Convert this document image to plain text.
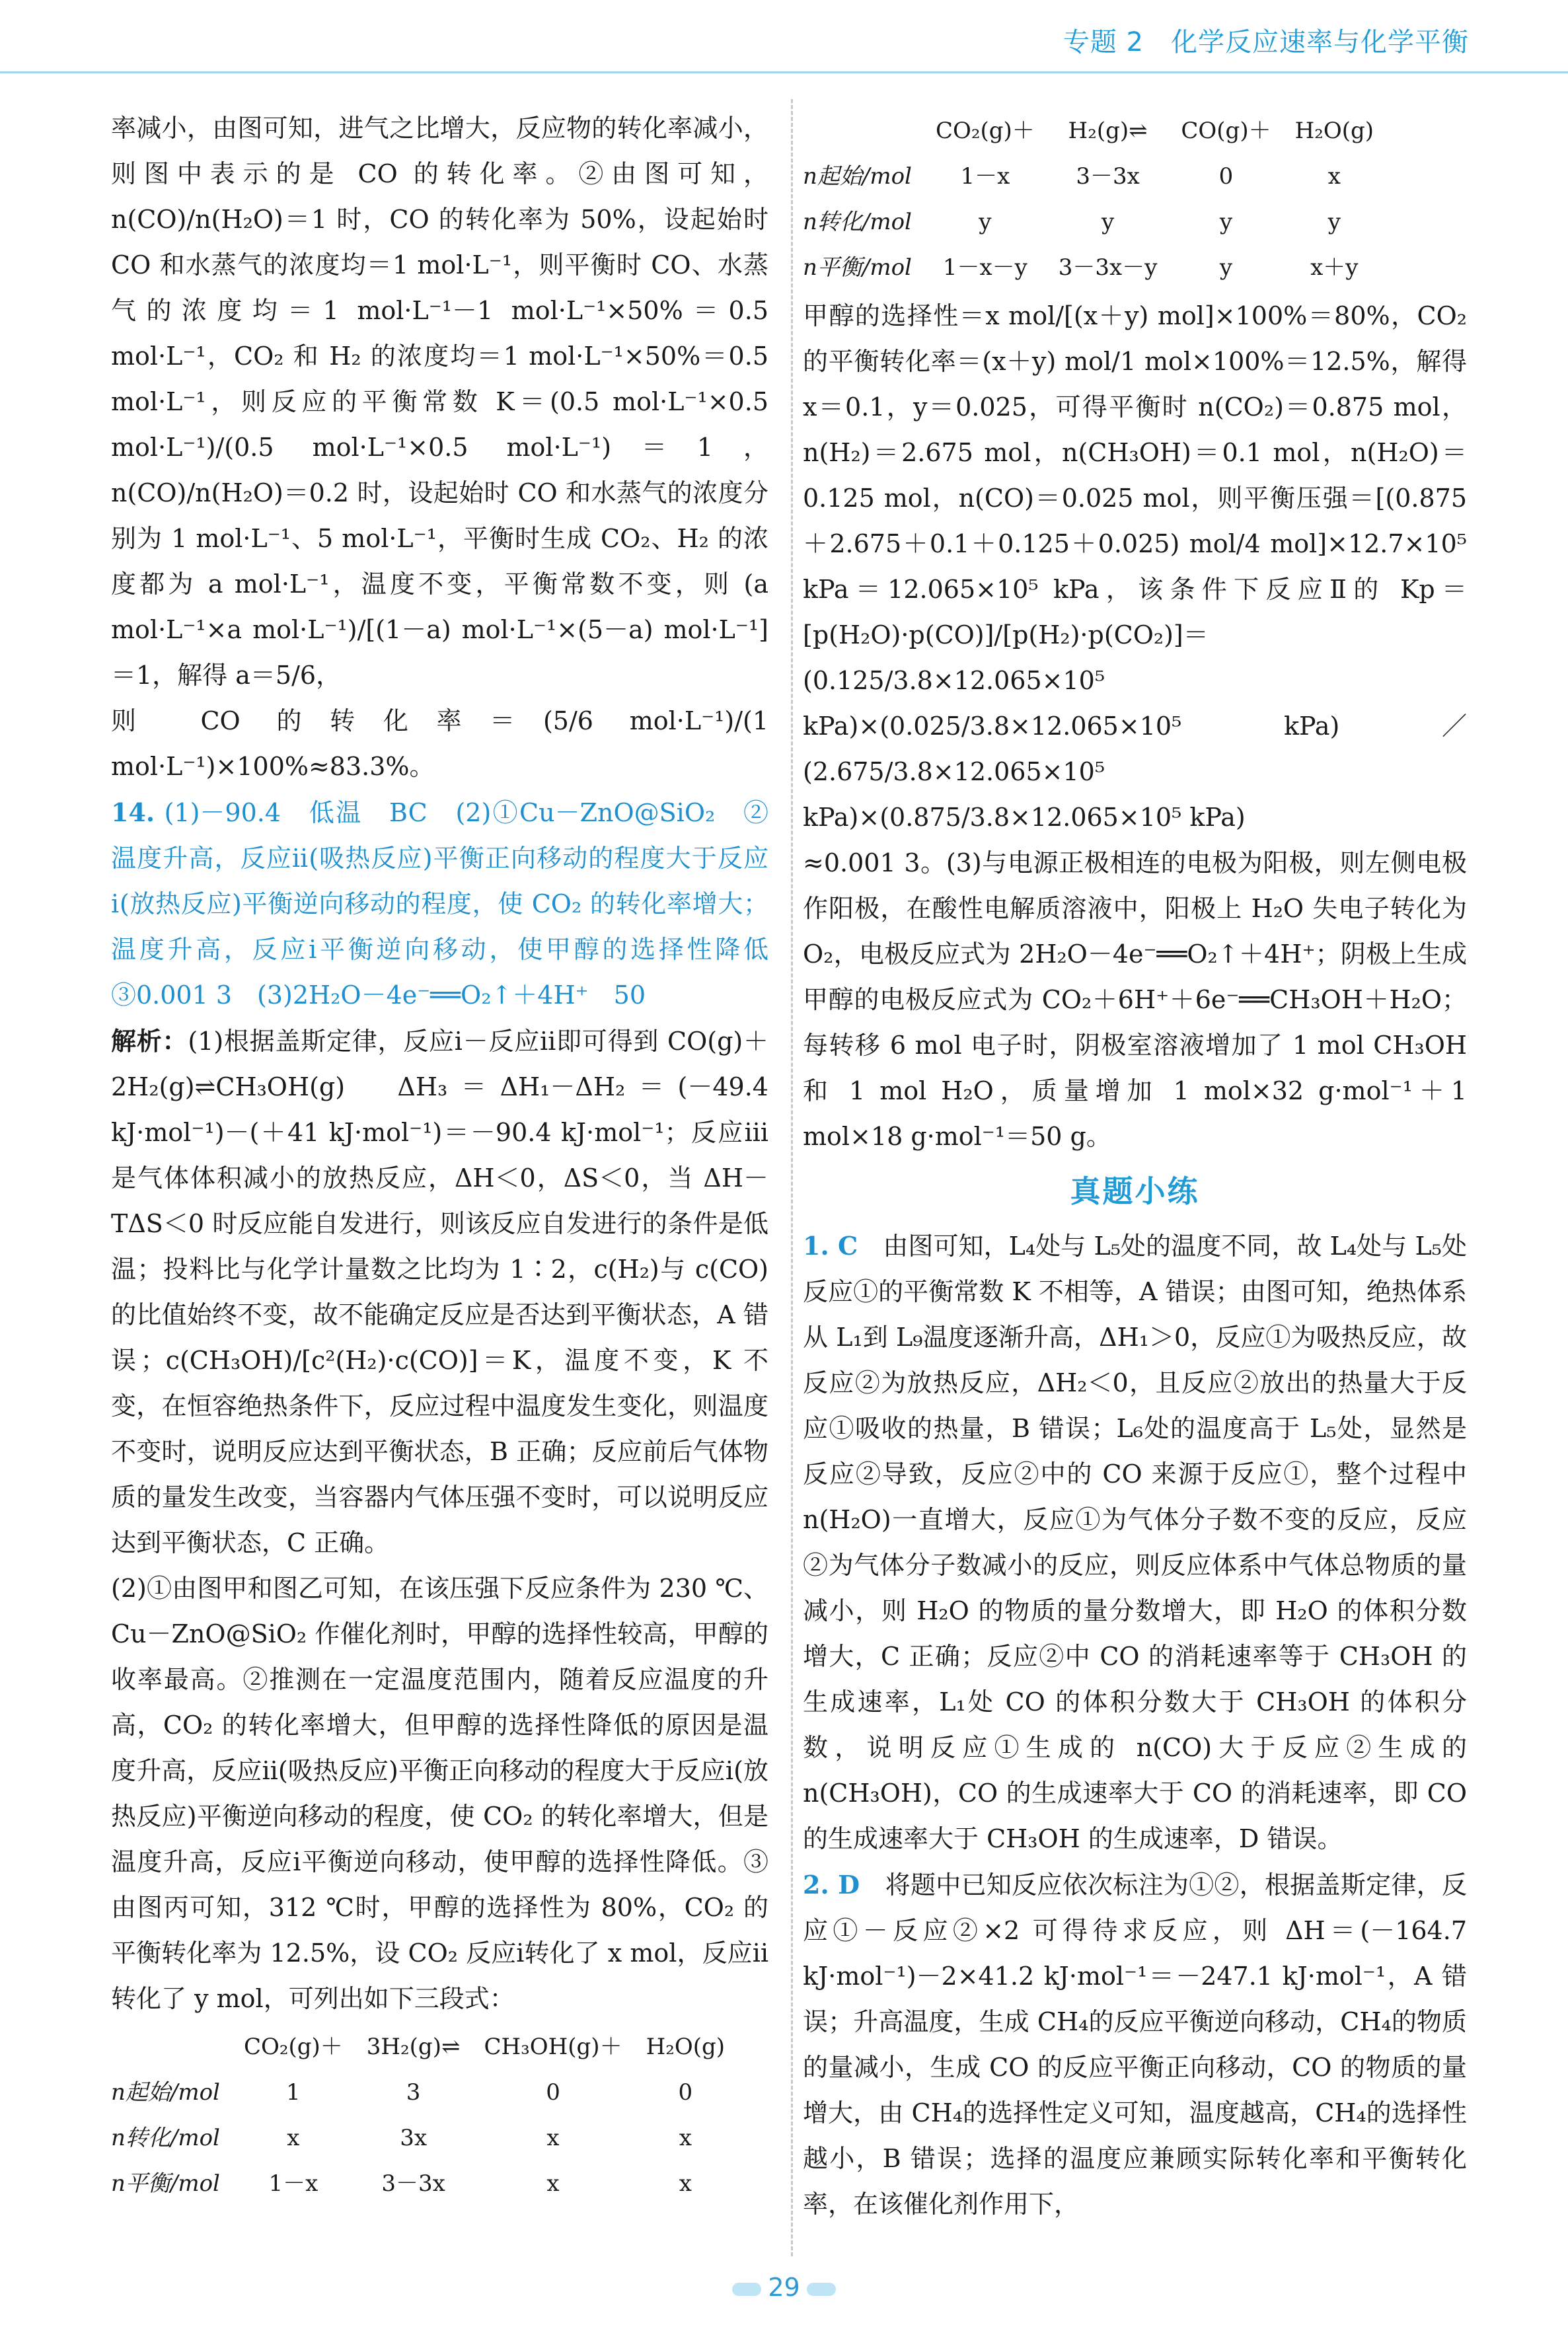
专题 2　化学反应速率与化学平衡

率减小，由图可知，进气之比增大，反应物的转化率减小，则图中表示的是 CO 的转化率。②由图可知，n(CO)/n(H₂O)＝1 时，CO 的转化率为 50%，设起始时 CO 和水蒸气的浓度均＝1 mol·L⁻¹，则平衡时 CO、水蒸气的浓度均＝1 mol·L⁻¹－1 mol·L⁻¹×50%＝0.5 mol·L⁻¹，CO₂ 和 H₂ 的浓度均＝1 mol·L⁻¹×50%＝0.5 mol·L⁻¹，则反应的平衡常数 K＝(0.5 mol·L⁻¹×0.5 mol·L⁻¹)/(0.5 mol·L⁻¹×0.5 mol·L⁻¹)＝1，n(CO)/n(H₂O)＝0.2 时，设起始时 CO 和水蒸气的浓度分别为 1 mol·L⁻¹、5 mol·L⁻¹，平衡时生成 CO₂、H₂ 的浓度都为 a mol·L⁻¹，温度不变，平衡常数不变，则 (a mol·L⁻¹×a mol·L⁻¹)/[(1－a) mol·L⁻¹×(5－a) mol·L⁻¹]＝1，解得 a＝5/6，

则 CO 的转化率＝(5/6 mol·L⁻¹)/(1 mol·L⁻¹)×100%≈83.3%。

14. (1)－90.4　低温　BC　(2)①Cu－ZnO@SiO₂　②温度升高，反应ⅱ(吸热反应)平衡正向移动的程度大于反应ⅰ(放热反应)平衡逆向移动的程度，使 CO₂ 的转化率增大；温度升高，反应ⅰ平衡逆向移动，使甲醇的选择性降低　③0.001 3　(3)2H₂O－4e⁻══O₂↑＋4H⁺　50

解析：(1)根据盖斯定律，反应ⅰ－反应ⅱ即可得到 CO(g)＋2H₂(g)⇌CH₃OH(g)　ΔH₃＝ΔH₁－ΔH₂＝(－49.4 kJ·mol⁻¹)－(＋41 kJ·mol⁻¹)＝－90.4 kJ·mol⁻¹；反应ⅲ是气体体积减小的放热反应，ΔH＜0，ΔS＜0，当 ΔH－TΔS＜0 时反应能自发进行，则该反应自发进行的条件是低温；投料比与化学计量数之比均为 1∶2，c(H₂)与 c(CO)的比值始终不变，故不能确定反应是否达到平衡状态，A 错误；c(CH₃OH)/[c²(H₂)·c(CO)]＝K，温度不变，K 不变，在恒容绝热条件下，反应过程中温度发生变化，则温度不变时，说明反应达到平衡状态，B 正确；反应前后气体物质的量发生改变，当容器内气体压强不变时，可以说明反应达到平衡状态，C 正确。

(2)①由图甲和图乙可知，在该压强下反应条件为 230 ℃、Cu－ZnO@SiO₂ 作催化剂时，甲醇的选择性较高，甲醇的收率最高。②推测在一定温度范围内，随着反应温度的升高，CO₂ 的转化率增大，但甲醇的选择性降低的原因是温度升高，反应ⅱ(吸热反应)平衡正向移动的程度大于反应ⅰ(放热反应)平衡逆向移动的程度，使 CO₂ 的转化率增大，但是温度升高，反应ⅰ平衡逆向移动，使甲醇的选择性降低。③由图丙可知，312 ℃时，甲醇的选择性为 80%，CO₂ 的平衡转化率为 12.5%，设 CO₂ 反应ⅰ转化了 x mol，反应ⅱ转化了 y mol，可列出如下三段式：

	CO₂(g)＋	3H₂(g)⇌	CH₃OH(g)＋	H₂O(g)
n起始/mol	1	3	0	0
n转化/mol	x	3x	x	x
n平衡/mol	1－x	3－3x	x	x
	CO₂(g)＋	H₂(g)⇌	CO(g)＋	H₂O(g)
n起始/mol	1－x	3－3x	0	x
n转化/mol	y	y	y	y
n平衡/mol	1－x－y	3－3x－y	y	x＋y

甲醇的选择性＝x mol/[(x＋y) mol]×100%＝80%，CO₂ 的平衡转化率＝(x＋y) mol/1 mol×100%＝12.5%，解得 x＝0.1，y＝0.025，可得平衡时 n(CO₂)＝0.875 mol，n(H₂)＝2.675 mol，n(CH₃OH)＝0.1 mol，n(H₂O)＝0.125 mol，n(CO)＝0.025 mol，则平衡压强＝[(0.875＋2.675＋0.1＋0.125＋0.025) mol/4 mol]×12.7×10⁵ kPa＝12.065×10⁵ kPa，该条件下反应Ⅱ的 Kp＝[p(H₂O)·p(CO)]/[p(H₂)·p(CO₂)]＝

(0.125/3.8×12.065×10⁵ kPa)×(0.025/3.8×12.065×10⁵ kPa) ／ (2.675/3.8×12.065×10⁵ kPa)×(0.875/3.8×12.065×10⁵ kPa)

≈0.001 3。(3)与电源正极相连的电极为阳极，则左侧电极作阳极，在酸性电解质溶液中，阳极上 H₂O 失电子转化为 O₂，电极反应式为 2H₂O－4e⁻══O₂↑＋4H⁺；阴极上生成甲醇的电极反应式为 CO₂＋6H⁺＋6e⁻══CH₃OH＋H₂O；每转移 6 mol 电子时，阴极室溶液增加了 1 mol CH₃OH 和 1 mol H₂O，质量增加 1 mol×32 g·mol⁻¹＋1 mol×18 g·mol⁻¹＝50 g。

真题小练

1. C　 由图可知，L₄处与 L₅处的温度不同，故 L₄处与 L₅处反应①的平衡常数 K 不相等，A 错误；由图可知，绝热体系从 L₁到 L₉温度逐渐升高，ΔH₁＞0，反应①为吸热反应，故反应②为放热反应，ΔH₂＜0，且反应②放出的热量大于反应①吸收的热量，B 错误；L₆处的温度高于 L₅处，显然是反应②导致，反应②中的 CO 来源于反应①，整个过程中 n(H₂O)一直增大，反应①为气体分子数不变的反应，反应②为气体分子数减小的反应，则反应体系中气体总物质的量减小，则 H₂O 的物质的量分数增大，即 H₂O 的体积分数增大，C 正确；反应②中 CO 的消耗速率等于 CH₃OH 的生成速率，L₁处 CO 的体积分数大于 CH₃OH 的体积分数，说明反应①生成的 n(CO)大于反应②生成的 n(CH₃OH)，CO 的生成速率大于 CO 的消耗速率，即 CO 的生成速率大于 CH₃OH 的生成速率，D 错误。

2. D　 将题中已知反应依次标注为①②，根据盖斯定律，反应①－反应②×2 可得待求反应，则 ΔH＝(－164.7 kJ·mol⁻¹)－2×41.2 kJ·mol⁻¹＝－247.1 kJ·mol⁻¹，A 错误；升高温度，生成 CH₄的反应平衡逆向移动，CH₄的物质的量减小，生成 CO 的反应平衡正向移动，CO 的物质的量增大，由 CH₄的选择性定义可知，温度越高，CH₄的选择性越小，B 错误；选择的温度应兼顾实际转化率和平衡转化率，在该催化剂作用下，

29
